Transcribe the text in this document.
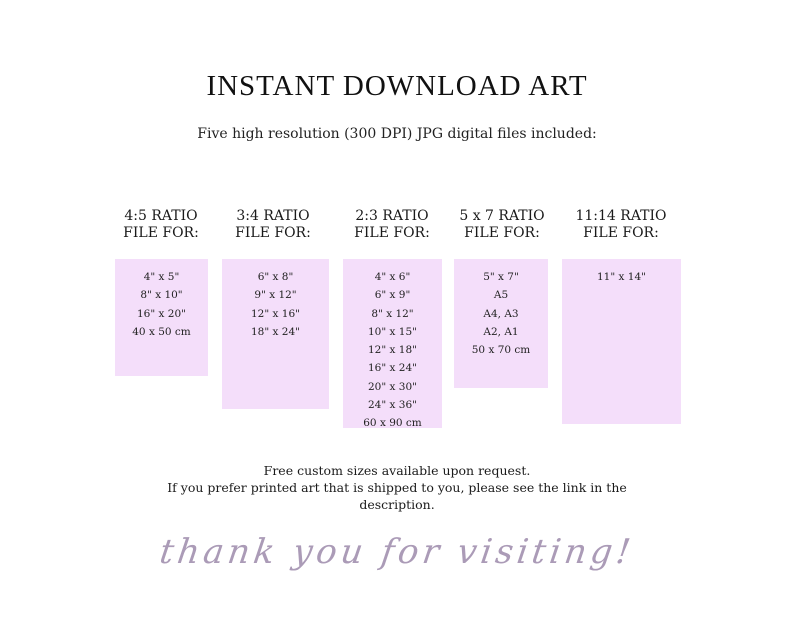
INSTANT DOWNLOAD ART
Five high resolution (300 DPI) JPG digital files included:
4:5 RATIO
FILE FOR:
4" x 5"
8" x 10"
16" x 20"
40 x 50 cm
3:4 RATIO
FILE FOR:
6" x 8"
9" x 12"
12" x 16"
18" x 24"
2:3 RATIO
FILE FOR:
4" x 6"
6" x 9"
8" x 12"
10" x 15"
12" x 18"
16" x 24"
20" x 30"
24" x 36"
60 x 90 cm
5 x 7 RATIO
FILE FOR:
5" x 7"
A5
A4, A3
A2, A1
50 x 70 cm
11:14 RATIO
FILE FOR:
11" x 14"
Free custom sizes available upon request.
If you prefer printed art that is shipped to you, please see the link in the
description.
thank you for visiting!
